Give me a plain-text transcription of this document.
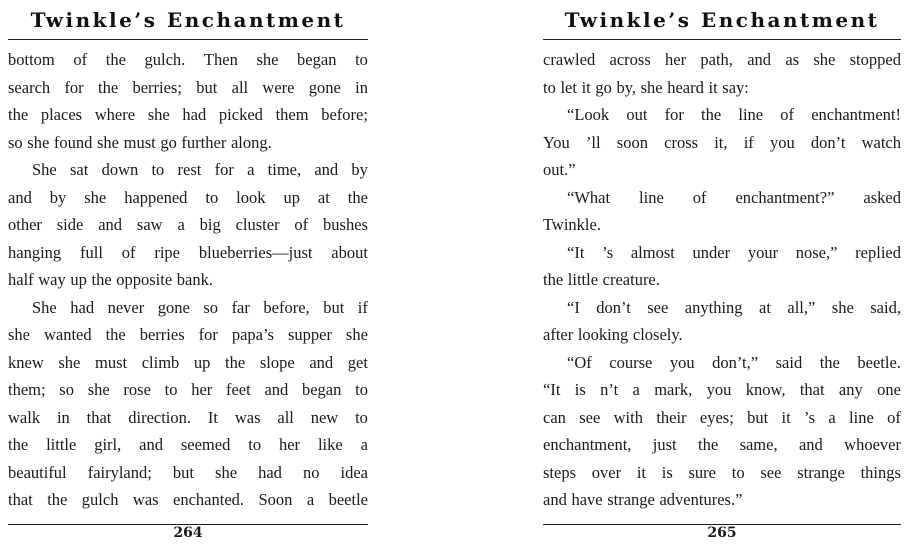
Twinkle’s Enchantment
bottom of the gulch. Then she began to
search for the berries; but all were gone in
the places where she had picked them before;
so she found she must go further along.
She sat down to rest for a time, and by
and by she happened to look up at the
other side and saw a big cluster of bushes
hanging full of ripe blueberries—just about
half way up the opposite bank.
She had never gone so far before, but if
she wanted the berries for papa’s supper she
knew she must climb up the slope and get
them; so she rose to her feet and began to
walk in that direction. It was all new to
the little girl, and seemed to her like a
beautiful fairyland; but she had no idea
that the gulch was enchanted. Soon a beetle
264
Twinkle’s Enchantment
crawled across her path, and as she stopped
to let it go by, she heard it say:
“Look out for the line of enchantment!
You ’ll soon cross it, if you don’t watch
out.”
“What line of enchantment?” asked
Twinkle.
“It ’s almost under your nose,” replied
the little creature.
“I don’t see anything at all,” she said,
after looking closely.
“Of course you don’t,” said the beetle.
“It is n’t a mark, you know, that any one
can see with their eyes; but it ’s a line of
enchantment, just the same, and whoever
steps over it is sure to see strange things
and have strange adventures.”
265
